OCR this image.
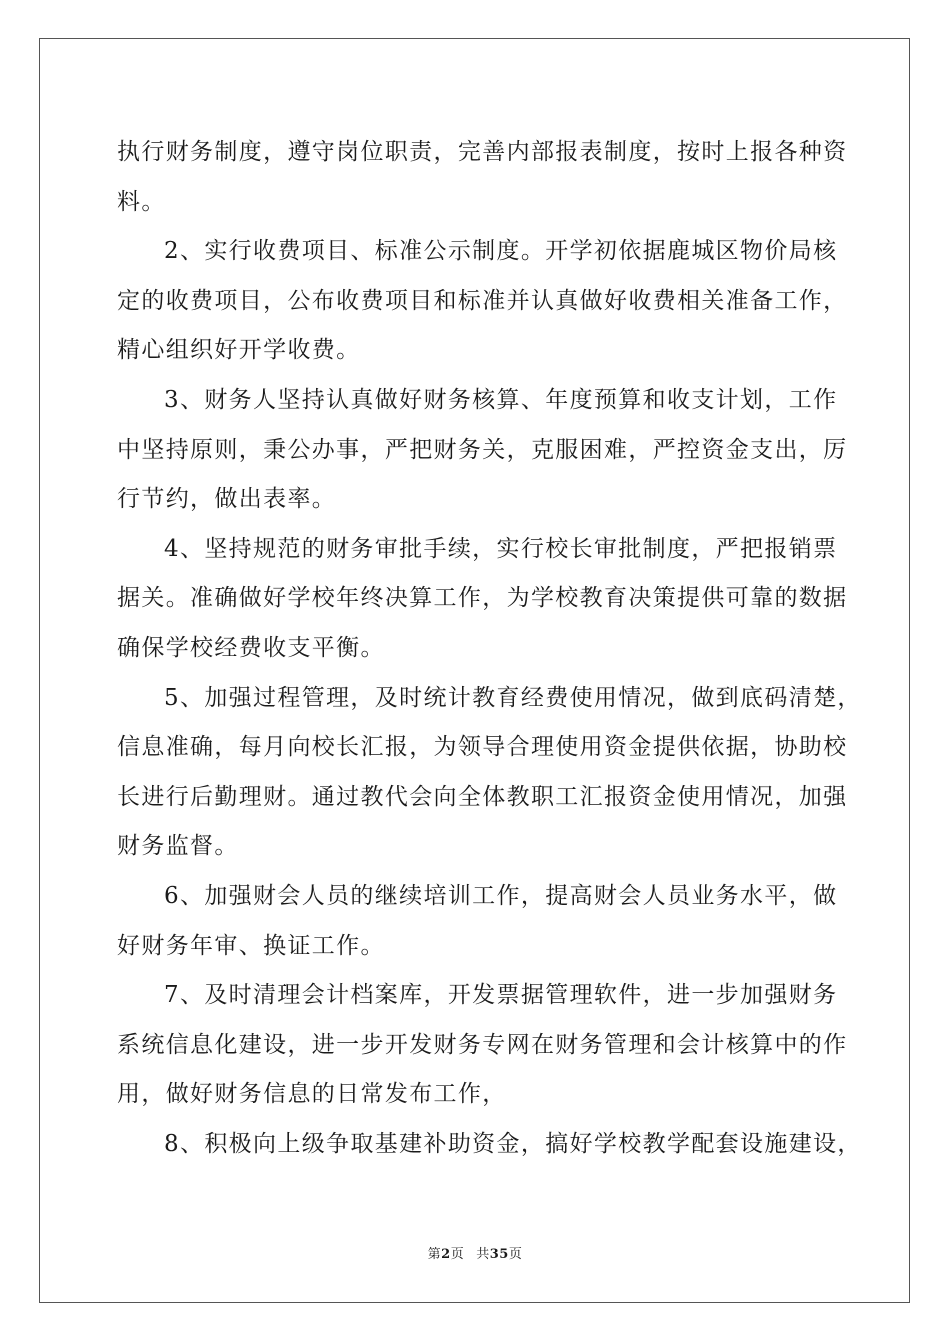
执行财务制度，遵守岗位职责，完善内部报表制度，按时上报各种资
料。
2、实行收费项目、标准公示制度。开学初依据鹿城区物价局核
定的收费项目，公布收费项目和标准并认真做好收费相关准备工作，
精心组织好开学收费。
3、财务人坚持认真做好财务核算、年度预算和收支计划，工作
中坚持原则，秉公办事，严把财务关，克服困难，严控资金支出，厉
行节约，做出表率。
4、坚持规范的财务审批手续，实行校长审批制度，严把报销票
据关。准确做好学校年终决算工作，为学校教育决策提供可靠的数据
确保学校经费收支平衡。
5、加强过程管理，及时统计教育经费使用情况，做到底码清楚，
信息准确，每月向校长汇报，为领导合理使用资金提供依据，协助校
长进行后勤理财。通过教代会向全体教职工汇报资金使用情况，加强
财务监督。
6、加强财会人员的继续培训工作，提高财会人员业务水平，做
好财务年审、换证工作。
7、及时清理会计档案库，开发票据管理软件，进一步加强财务
系统信息化建设，进一步开发财务专网在财务管理和会计核算中的作
用，做好财务信息的日常发布工作，
8、积极向上级争取基建补助资金，搞好学校教学配套设施建设，
第2页 共35页
